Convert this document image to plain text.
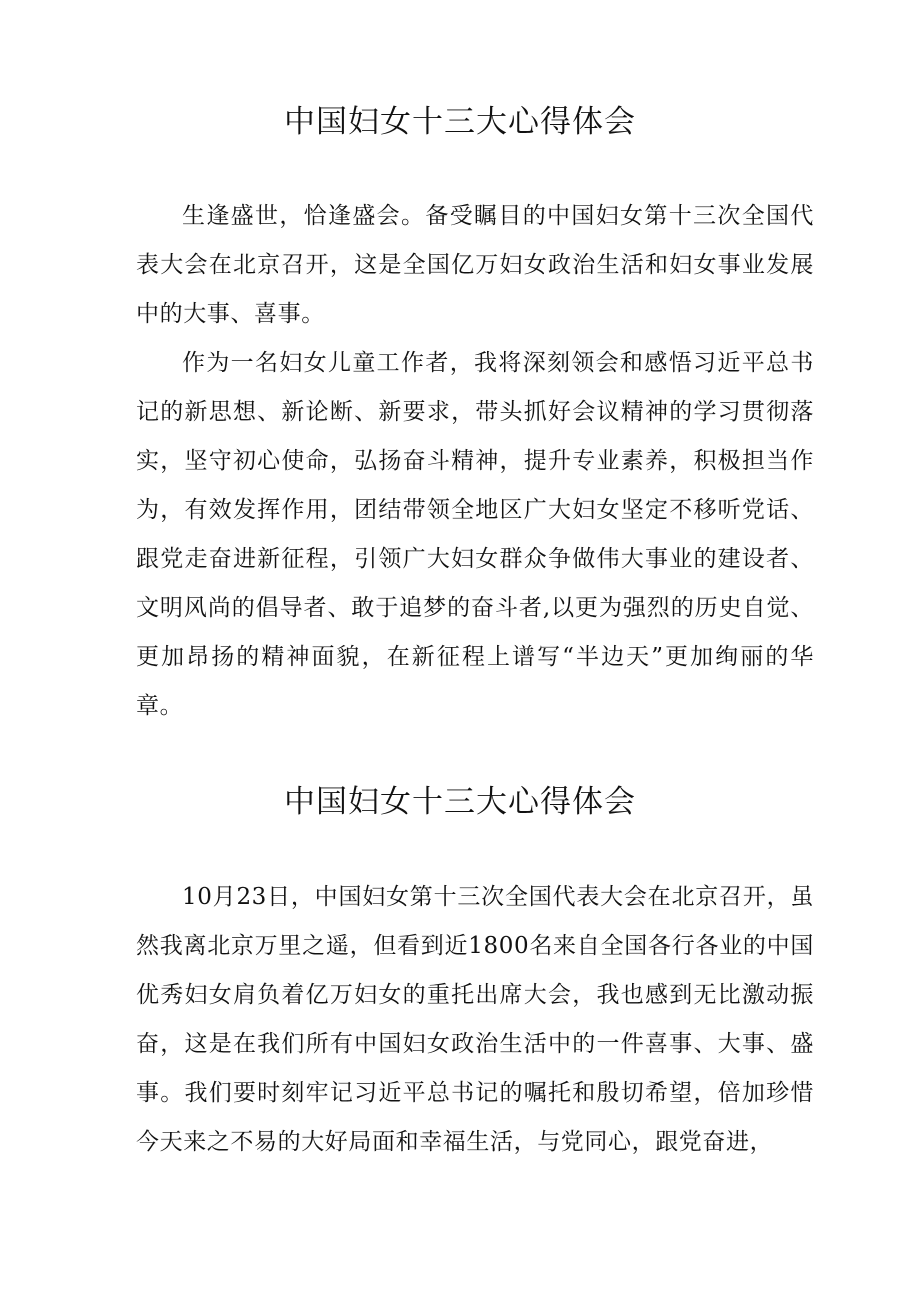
中国妇女十三大心得体会

生逢盛世，恰逢盛会。备受瞩目的中国妇女第十三次全国代表大会在北京召开，这是全国亿万妇女政治生活和妇女事业发展中的大事、喜事。

作为一名妇女儿童工作者，我将深刻领会和感悟习近平总书记的新思想、新论断、新要求，带头抓好会议精神的学习贯彻落实，坚守初心使命，弘扬奋斗精神，提升专业素养，积极担当作为，有效发挥作用，团结带领全地区广大妇女坚定不移听党话、跟党走奋进新征程，引领广大妇女群众争做伟大事业的建设者、文明风尚的倡导者、敢于追梦的奋斗者,以更为强烈的历史自觉、更加昂扬的精神面貌，在新征程上谱写“半边天”更加绚丽的华章。

中国妇女十三大心得体会

10月23日，中国妇女第十三次全国代表大会在北京召开，虽然我离北京万里之遥，但看到近1800名来自全国各行各业的中国优秀妇女肩负着亿万妇女的重托出席大会，我也感到无比激动振奋，这是在我们所有中国妇女政治生活中的一件喜事、大事、盛事。我们要时刻牢记习近平总书记的嘱托和殷切希望，倍加珍惜今天来之不易的大好局面和幸福生活，与党同心，跟党奋进，
